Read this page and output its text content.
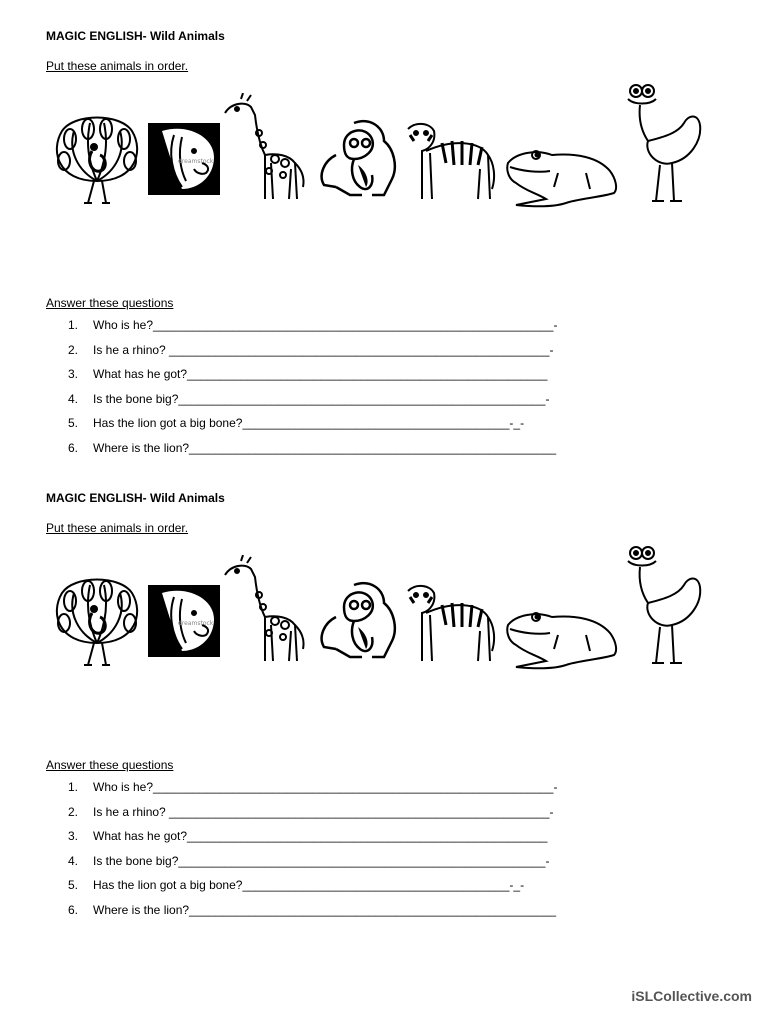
MAGIC ENGLISH- Wild Animals

Put these animals in order.

dreamstock
Answer these questions
1.	Who is he?____________________________________________________________-
2.	Is he a rhino? _________________________________________________________-
3.	What has he got?______________________________________________________
4.	Is the bone big?_______________________________________________________-
5.	Has the lion got a big bone?________________________________________-_-
6.	Where is the lion?_______________________________________________________

MAGIC ENGLISH- Wild Animals

Put these animals in order.

dreamstock
Answer these questions
1.	Who is he?____________________________________________________________-
2.	Is he a rhino? _________________________________________________________-
3.	What has he got?______________________________________________________
4.	Is the bone big?_______________________________________________________-
5.	Has the lion got a big bone?________________________________________-_-
6.	Where is the lion?_______________________________________________________
iSLCollective.com
